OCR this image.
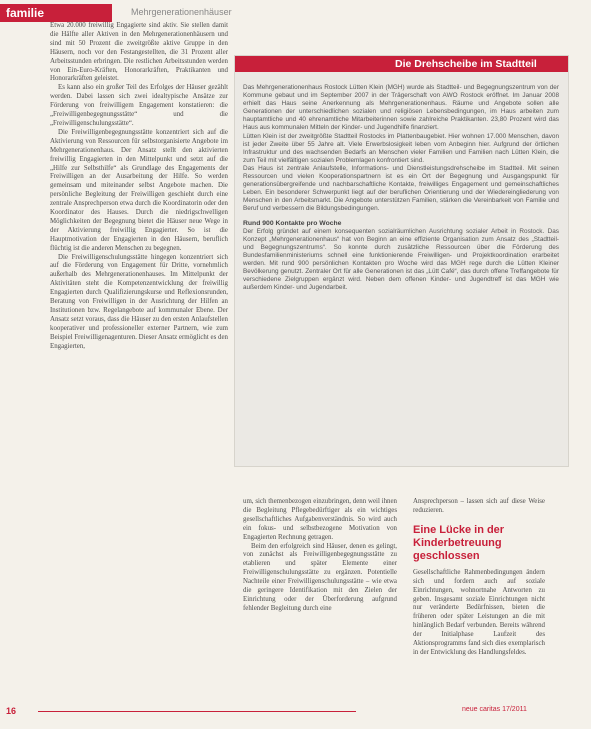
familie	Mehrgenerationenhäuser

Etwa 20.000 freiwillig Engagierte sind aktiv. Sie stellen damit die Hälfte aller Aktiven in den Mehrgenerationenhäusern und sind mit 50 Prozent die zweitgrößte aktive Gruppe in den Häusern, noch vor den Festangestellten, die 31 Prozent aller Arbeitsstunden erbringen. Die restlichen Arbeitsstunden werden von Ein-Euro-Kräften, Honorarkräften, Praktikanten und Honorarkräften geleistet.

Es kann also ein großer Teil des Erfolges der Häuser gezählt werden. Dabei lassen sich zwei idealtypische Ansätze zur Förderung von freiwilligem Engagement konstatieren: die „Freiwilligenbegegnungsstätte“ und die „Freiwilligenschulungsstätte“.

Die Freiwilligenbegegnungsstätte konzentriert sich auf die Aktivierung von Ressourcen für selbstorganisierte Angebote im Mehrgenerationenhaus. Der Ansatz stellt den aktivierten freiwillig Engagierten in den Mittelpunkt und setzt auf die „Hilfe zur Selbsthilfe“ als Grundlage des Engagements der Freiwilligen an der Ausarbeitung der Hilfe. So werden gemeinsam und miteinander selbst Angebote machen. Die persönliche Begleitung der Freiwilligen geschieht durch eine zentrale Ansprechperson etwa durch die Koordinatorin oder den Koordinator des Hauses. Durch die niedrigschwelligen Möglichkeiten der Begegnung bietet die Häuser neue Wege in der Aktivierung freiwillig Engagierter. So ist die Hauptmotivation der Engagierten in den Häusern, beruflich flüchtig ist die anderen Menschen zu begegnen.

Die Freiwilligenschulungsstätte hingegen konzentriert sich auf die Förderung von Engagement für Dritte, vornehmlich außerhalb des Mehrgenerationenhauses. Im Mittelpunkt der Aktivitäten steht die Kompetenzentwicklung der freiwillig Engagierten durch Qualifizierungskurse und Reflexionsrunden, Beratung von Freiwilligen in der Ausrichtung der Hilfen an Institutionen bzw. Regelangebote auf kommunaler Ebene. Der Ansatz setzt voraus, dass die Häuser zu den ersten Anlaufstellen kooperativer und professioneller externer Partnern, wie zum Beispiel Freiwilligenagenturen. Dieser Ansatz ermöglicht es den Engagierten,

Die Drehscheibe im Stadtteil

Das Mehrgenerationenhaus Rostock Lütten Klein (MGH) wurde als Stadtteil- und Begegnungszentrum von der Kommune gebaut und im September 2007 in der Trägerschaft von AWO Rostock eröffnet. Im Januar 2008 erhielt das Haus seine Anerkennung als Mehrgenerationenhaus. Räume und Angebote sollen alle Generationen der unterschiedlichen sozialen und religiösen Lebensbedingungen, im Haus arbeiten zum hauptamtliche und 40 ehrenamtliche Mitarbeiterinnen sowie zahlreiche Praktikanten. 23,80 Prozent wird das Haus aus kommunalen Mitteln der Kinder- und Jugendhilfe finanziert.

Lütten Klein ist der zweitgrößte Stadtteil Rostocks im Plattenbaugebiet. Hier wohnen 17.000 Menschen, davon ist jeder Zweite über 55 Jahre alt. Viele Erwerbslosigkeit leben vom Anbeginn hier. Aufgrund der örtlichen Infrastruktur und des wachsenden Bedarfs an Menschen vieler Familien und Familien nach Lütten Klein, die zum Teil mit vielfältigen sozialen Problemlagen konfrontiert sind.

Das Haus ist zentrale Anlaufstelle, Informations- und Dienstleistungsdrehscheibe im Stadtteil. Mit seinen Ressourcen und vielen Kooperationspartnern ist es ein Ort der Begegnung und Ausgangspunkt für generationsübergreifende und nachbarschaftliche Kontakte, freiwilliges Engagement und gemeinschaftliches Leben. Ein besonderer Schwerpunkt liegt auf der beruflichen Orientierung und der Wiedereingliederung von Menschen in den Arbeitsmarkt. Die Angebote unterstützen Familien, stärken die Vereinbarkeit von Familie und Beruf und verbessern die Bildungsbedingungen.

Rund 900 Kontakte pro Woche

Der Erfolg gründet auf einem konsequenten sozialräumlichen Ausrichtung sozialer Arbeit in Rostock. Das Konzept „Mehrgenerationenhaus“ hat von Beginn an eine effiziente Organisation zum Ansatz des „Stadtteil- und Begegnungszentrums“. So konnte durch zusätzliche Ressourcen über die Förderung des Bundesfamilienministeriums schnell eine funktionierende Freiwilligen- und Projektkoordination erarbeitet werden. Mit rund 900 persönlichen Kontakten pro Woche wird das MGH rege durch die Lütten Kleiner Bevölkerung genutzt. Zentraler Ort für alle Generationen ist das „Lütt Café“, das durch offene Treffangebote für verschiedene Zielgruppen ergänzt wird. Neben dem offenen Kinder- und Jugendtreff ist das MGH wie außerdem Kinder- und Jugendarbeit.

um, sich themenbezogen einzubringen, denn weil ihnen die Begleitung Pflegebedürftiger als ein wichtiges gesellschaftliches Aufgabenverständnis. So wird auch ein fokus- und selbstbezogene Motivation von Engagierten Rechnung getragen.

Beim den erfolgreich sind Häuser, denen es gelingt, von zunächst als Freiwilligenbegegnungsstätte zu etablieren und später Elemente einer Freiwilligenschulungsstätte zu ergänzen. Potentielle Nachteile einer Freiwilligenschulungsstätte – wie etwa die geringere Identifikation mit den Zielen der Einrichtung oder der Überforderung aufgrund fehlender Begleitung durch eine

Ansprechperson – lassen sich auf diese Weise reduzieren.

Eine Lücke in der Kinderbetreuung geschlossen

Gesellschaftliche Rahmenbedingungen ändern sich und fordern auch auf soziale Einrichtungen, wohnortnahe Antworten zu geben. Insgesamt soziale Einrichtungen nicht nur veränderte Bedürfnissen, bieten die früheren oder später Leistungen an die mit hinlänglich Bedarf verbunden. Bereits während der Initialphase Laufzeit des Aktionsprogramms fand sich dies exemplarisch in der Entwicklung des Handlungsfeldes.

16	neue caritas 17/2011
